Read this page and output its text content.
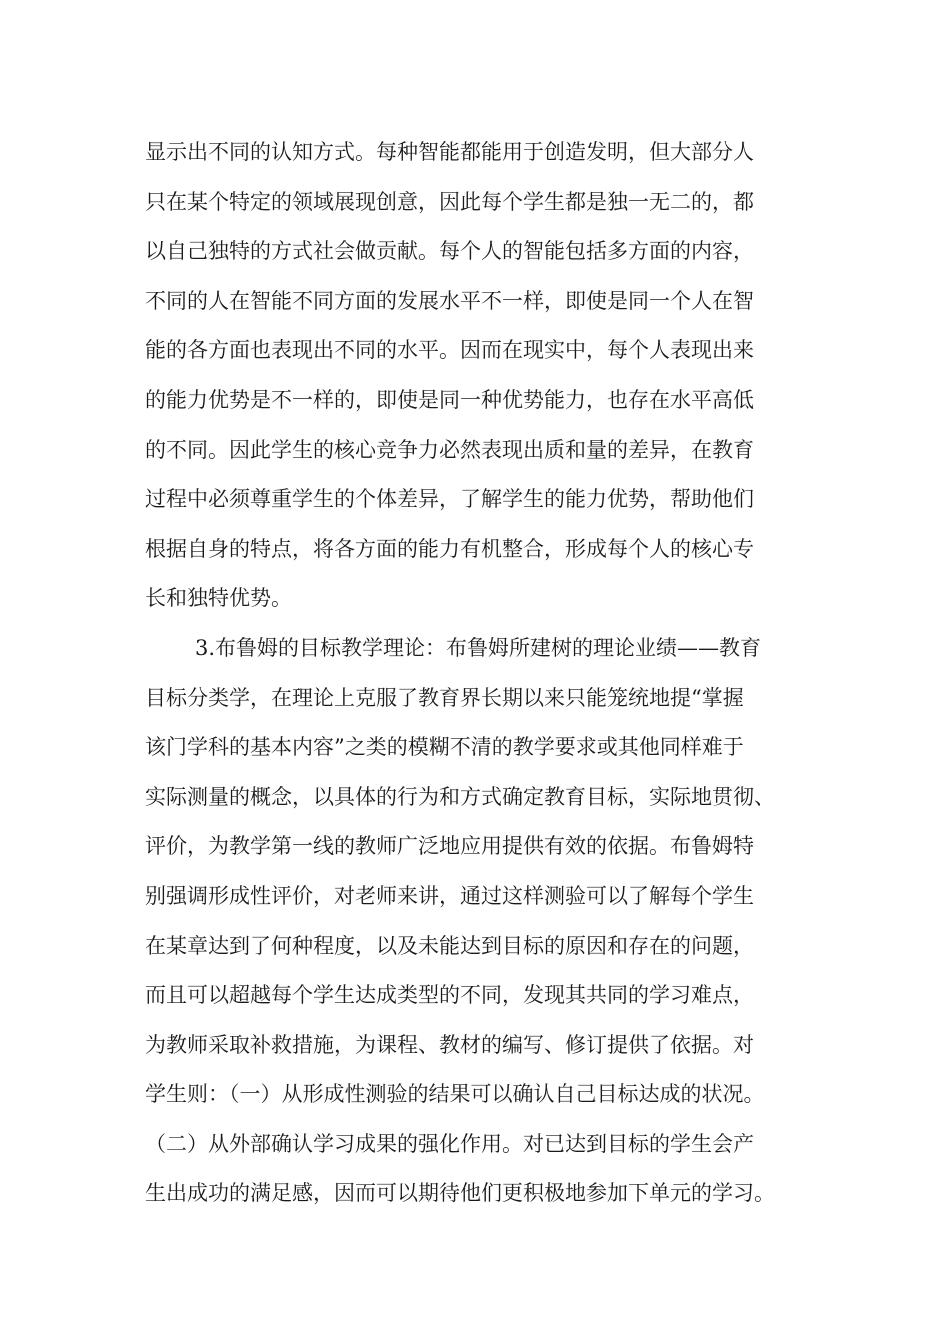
显示出不同的认知方式。每种智能都能用于创造发明，但大部分人
只在某个特定的领域展现创意，因此每个学生都是独一无二的，都
以自己独特的方式社会做贡献。每个人的智能包括多方面的内容，
不同的人在智能不同方面的发展水平不一样，即使是同一个人在智
能的各方面也表现出不同的水平。因而在现实中，每个人表现出来
的能力优势是不一样的，即使是同一种优势能力，也存在水平高低
的不同。因此学生的核心竞争力必然表现出质和量的差异，在教育
过程中必须尊重学生的个体差异，了解学生的能力优势，帮助他们
根据自身的特点，将各方面的能力有机整合，形成每个人的核心专
长和独特优势。
3.布鲁姆的目标教学理论：布鲁姆所建树的理论业绩——教育
目标分类学，在理论上克服了教育界长期以来只能笼统地提“掌握
该门学科的基本内容”之类的模糊不清的教学要求或其他同样难于
实际测量的概念，以具体的行为和方式确定教育目标，实际地贯彻、
评价，为教学第一线的教师广泛地应用提供有效的依据。布鲁姆特
别强调形成性评价，对老师来讲，通过这样测验可以了解每个学生
在某章达到了何种程度，以及未能达到目标的原因和存在的问题，
而且可以超越每个学生达成类型的不同，发现其共同的学习难点，
为教师采取补救措施，为课程、教材的编写、修订提供了依据。对
学生则：（一）从形成性测验的结果可以确认自己目标达成的状况。
（二）从外部确认学习成果的强化作用。对已达到目标的学生会产
生出成功的满足感，因而可以期待他们更积极地参加下单元的学习。
